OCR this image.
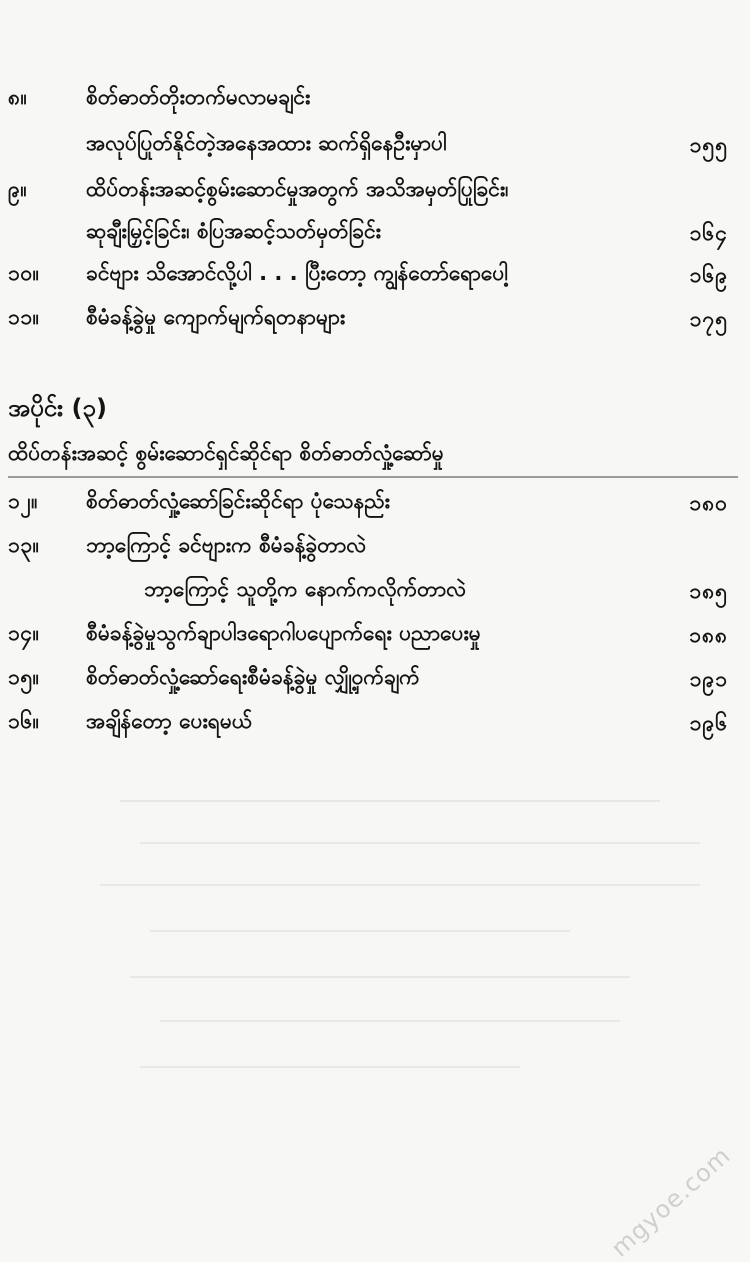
၈။	စိတ်ဓာတ်တိုးတက်မလာမချင်း
အလုပ်ပြုတ်နိုင်တဲ့အနေအထား ဆက်ရှိနေဦးမှာပါ	၁၅၅
၉။	ထိပ်တန်းအဆင့်စွမ်းဆောင်မှုအတွက် အသိအမှတ်ပြုခြင်း၊
ဆုချီးမြှင့်ခြင်း၊ စံပြအဆင့်သတ်မှတ်ခြင်း	၁၆၄
၁၀။ ခင်ဗျား သိအောင်လို့ပါ . . . ပြီးတော့ ကျွန်တော်ရောပေါ့	၁၆၉
၁၁။ စီမံခန့်ခွဲမှု ကျောက်မျက်ရတနာများ	၁၇၅
အပိုင်း (၃)
ထိပ်တန်းအဆင့် စွမ်းဆောင်ရှင်ဆိုင်ရာ စိတ်ဓာတ်လှုံ့ဆော်မှု
၁၂။ စိတ်ဓာတ်လှုံ့ဆော်ခြင်းဆိုင်ရာ ပုံသေနည်း	၁၈၀
၁၃။ ဘာ့ကြောင့် ခင်ဗျားက စီမံခန့်ခွဲတာလဲ
ဘာ့ကြောင့် သူတို့က နောက်ကလိုက်တာလဲ	၁၈၅
၁၄။ စီမံခန့်ခွဲမှုသွက်ချာပါဒရောဂါပပျောက်ရေး ပညာပေးမှု	၁၈၈
၁၅။ စိတ်ဓာတ်လှုံ့ဆော်ရေးစီမံခန့်ခွဲမှု လျှို့ဝှက်ချက်	၁၉၁
၁၆။ အချိန်တော့ ပေးရမယ်	၁၉၆
mgyoe.com
